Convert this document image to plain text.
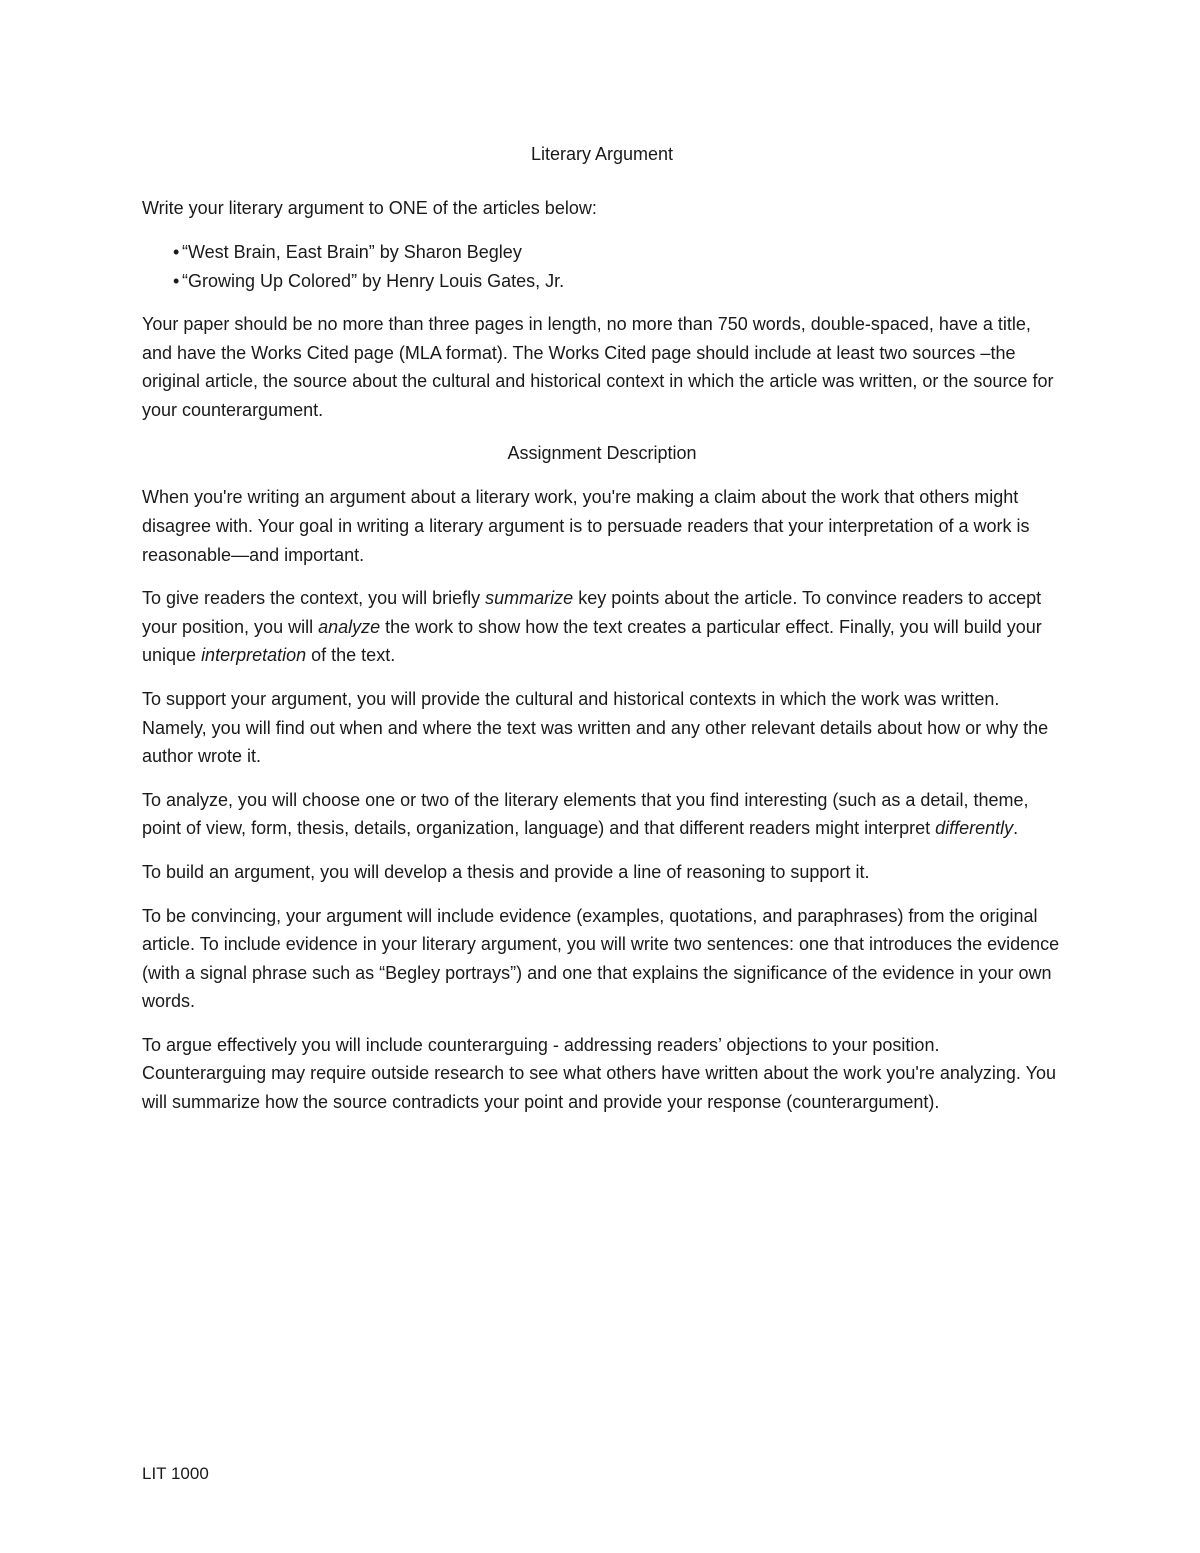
Literary Argument
Write your literary argument to ONE of the articles below:
• “West Brain, East Brain” by Sharon Begley
• “Growing Up Colored” by Henry Louis Gates, Jr.

Your paper should be no more than three pages in length, no more than 750 words, double-spaced, have a title, and have the Works Cited page (MLA format). The Works Cited page should include at least two sources –the original article, the source about the cultural and historical context in which the article was written, or the source for your counterargument.

Assignment Description

When you're writing an argument about a literary work, you're making a claim about the work that others might disagree with. Your goal in writing a literary argument is to persuade readers that your interpretation of a work is reasonable—and important.

To give readers the context, you will briefly summarize key points about the article. To convince readers to accept your position, you will analyze the work to show how the text creates a particular effect. Finally, you will build your unique interpretation of the text.

To support your argument, you will provide the cultural and historical contexts in which the work was written. Namely, you will find out when and where the text was written and any other relevant details about how or why the author wrote it.

To analyze, you will choose one or two of the literary elements that you find interesting (such as a detail, theme, point of view, form, thesis, details, organization, language) and that different readers might interpret differently.

To build an argument, you will develop a thesis and provide a line of reasoning to support it.

To be convincing, your argument will include evidence (examples, quotations, and paraphrases) from the original article. To include evidence in your literary argument, you will write two sentences: one that introduces the evidence (with a signal phrase such as “Begley portrays”) and one that explains the significance of the evidence in your own words.

To argue effectively you will include counterarguing - addressing readers’ objections to your position. Counterarguing may require outside research to see what others have written about the work you're analyzing. You will summarize how the source contradicts your point and provide your response (counterargument).

LIT 1000
